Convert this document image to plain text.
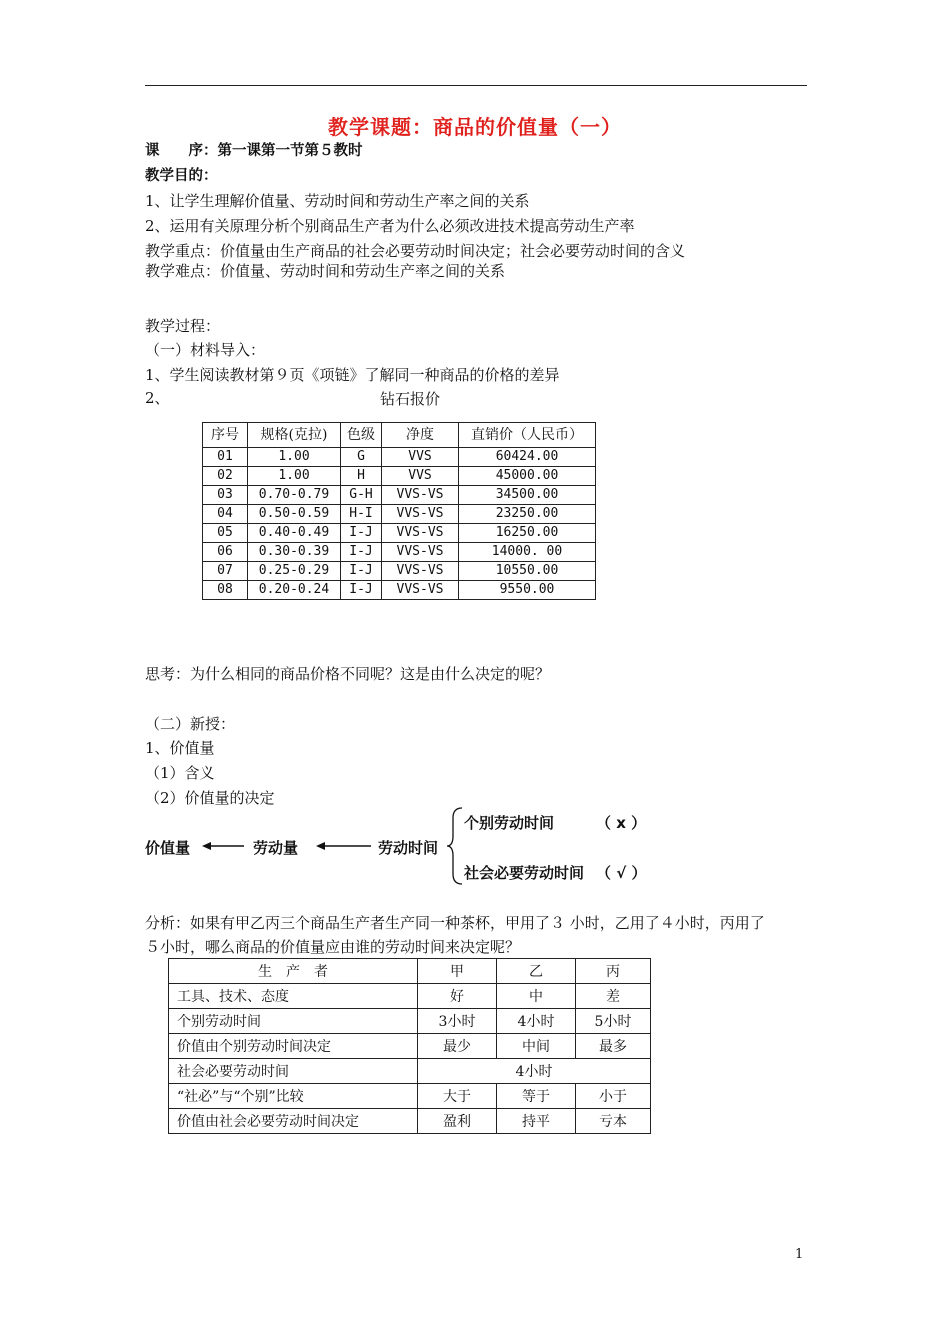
教学课题：商品的价值量（一）
课　　序：第一课第一节第５教时
教学目的：
1、让学生理解价值量、劳动时间和劳动生产率之间的关系
2、运用有关原理分析个别商品生产者为什么必须改进技术提高劳动生产率
教学重点：价值量由生产商品的社会必要劳动时间决定；社会必要劳动时间的含义
教学难点：价值量、劳动时间和劳动生产率之间的关系
教学过程：
（一）材料导入：
1、学生阅读教材第９页《项链》了解同一种商品的价格的差异
2、	钻石报价
序号	规格(克拉)	色级	净度	直销价（人民币）
01	1.00	G	VVS	60424.00
02	1.00	H	VVS	45000.00
03	0.70-0.79	G-H	VVS-VS	34500.00
04	0.50-0.59	H-I	VVS-VS	23250.00
05	0.40-0.49	I-J	VVS-VS	16250.00
06	0.30-0.39	I-J	VVS-VS	14000. 00
07	0.25-0.29	I-J	VVS-VS	10550.00
08	0.20-0.24	I-J	VVS-VS	9550.00
思考：为什么相同的商品价格不同呢？这是由什么决定的呢？
（二）新授：
1、价值量
（1）含义
（2）价值量的决定
价值量	劳动量	劳动时间
个别劳动时间	（ x ）
社会必要劳动时间 （ √ ）
分析：如果有甲乙丙三个商品生产者生产同一种茶杯，甲用了３ 小时，乙用了４小时，丙用了
５小时，哪么商品的价值量应由谁的劳动时间来决定呢？
生　产　者	甲	乙	丙
工具、技术、态度	好	中	差
个别劳动时间	3小时	4小时	5小时
价值由个别劳动时间决定	最少	中间	最多
社会必要劳动时间	4小时		
“社必”与“个别”比较	大于	等于	小于
价值由社会必要劳动时间决定	盈利	持平	亏本
1
